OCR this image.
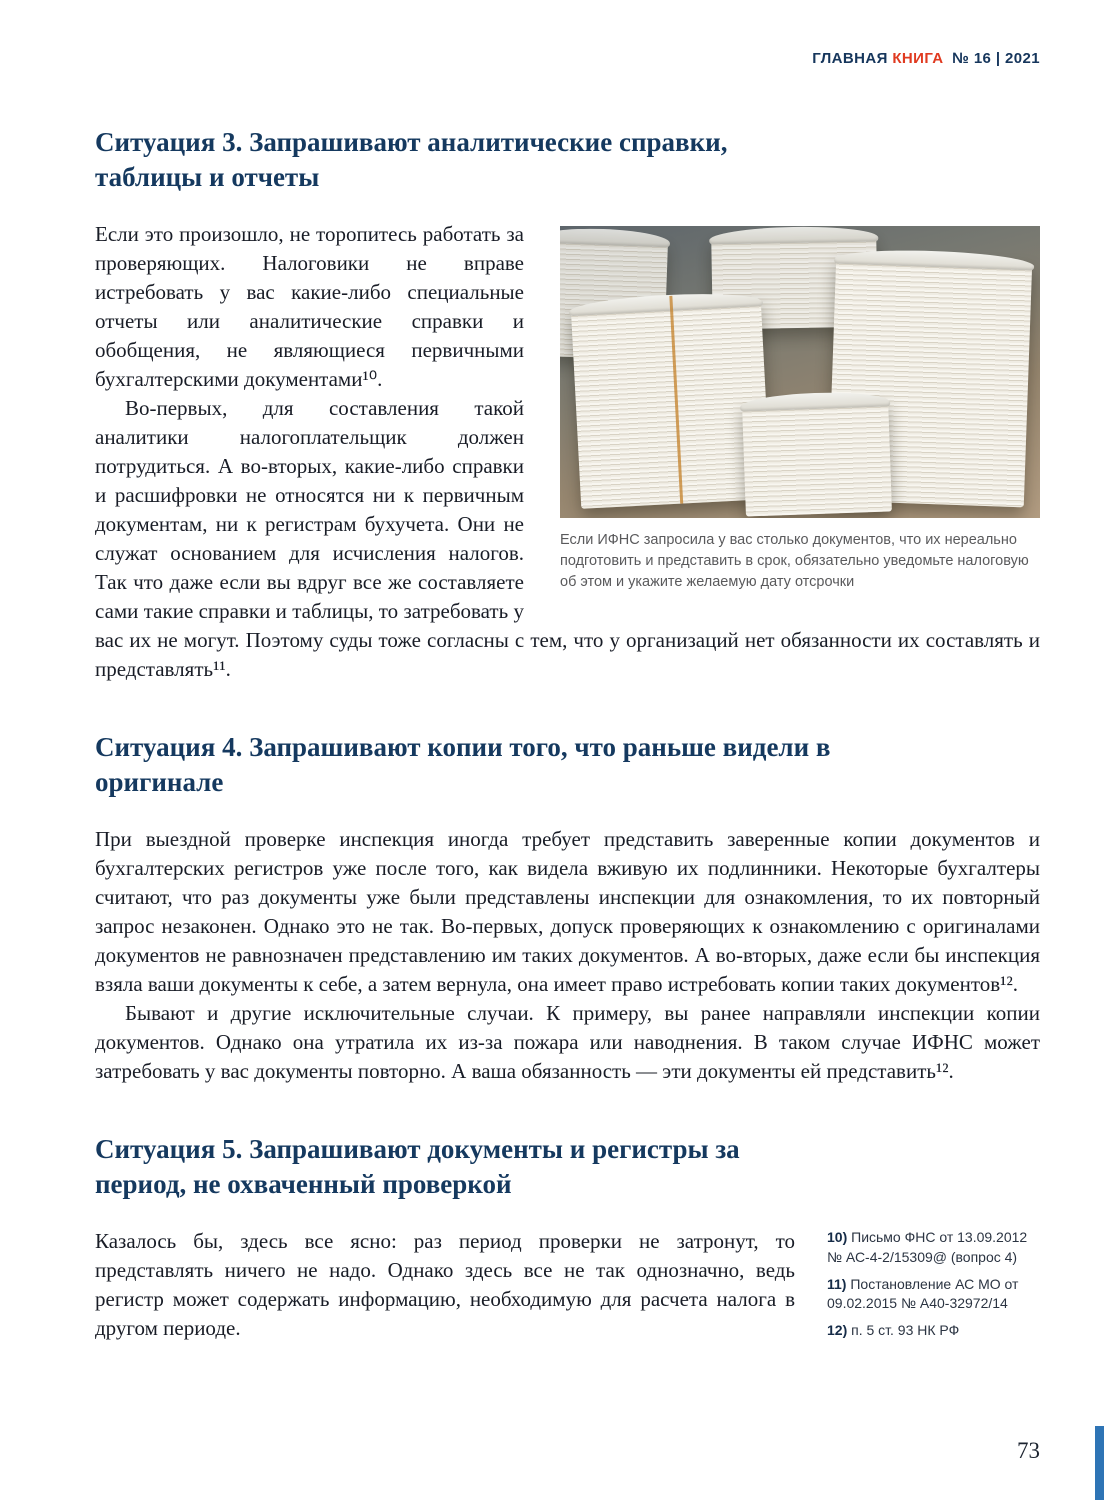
ГЛАВНАЯ КНИГА № 16 | 2021
Ситуация 3. Запрашивают аналитические справки, таблицы и отчеты
Если ИФНС запросила у вас столько документов, что их нереально подготовить и представить в срок, обязательно уведомьте налоговую об этом и укажите желаемую дату отсрочки

Если это произошло, не торопитесь работать за проверяющих. Налоговики не вправе истребовать у вас какие-либо специальные отчеты или аналитические справки и обобщения, не являющиеся первичными бухгалтерскими документами¹⁰.

Во-первых, для составления такой аналитики налогоплательщик должен потрудиться. А во-вторых, какие-либо справки и расшифровки не относятся ни к первичным документам, ни к регистрам бухучета. Они не служат основанием для исчисления налогов. Так что даже если вы вдруг все же составляете сами такие справки и таблицы, то затребовать у вас их не могут. Поэтому суды тоже согласны с тем, что у организаций нет обязанности их составлять и представлять¹¹.

Ситуация 4. Запрашивают копии того, что раньше видели в оригинале

При выездной проверке инспекция иногда требует представить заверенные копии документов и бухгалтерских регистров уже после того, как видела вживую их подлинники. Некоторые бухгалтеры считают, что раз документы уже были представлены инспекции для ознакомления, то их повторный запрос незаконен. Однако это не так. Во-первых, допуск проверяющих к ознакомлению с оригиналами документов не равнозначен представлению им таких документов. А во-вторых, даже если бы инспекция взяла ваши документы к себе, а затем вернула, она имеет право истребовать копии таких документов¹².

Бывают и другие исключительные случаи. К примеру, вы ранее направляли инспекции копии документов. Однако она утратила их из-за пожара или наводнения. В таком случае ИФНС может затребовать у вас документы повторно. А ваша обязанность — эти документы ей представить¹².

Ситуация 5. Запрашивают документы и регистры за период, не охваченный проверкой

Казалось бы, здесь все ясно: раз период проверки не затронут, то представлять ничего не надо. Однако здесь все не так однозначно, ведь регистр может содержать информацию, необходимую для расчета налога в другом периоде.

10) Письмо ФНС от 13.09.2012 № АС-4-2/15309@ (вопрос 4)

11) Постановление АС МО от 09.02.2015 № А40-32972/14

12) п. 5 ст. 93 НК РФ

73
